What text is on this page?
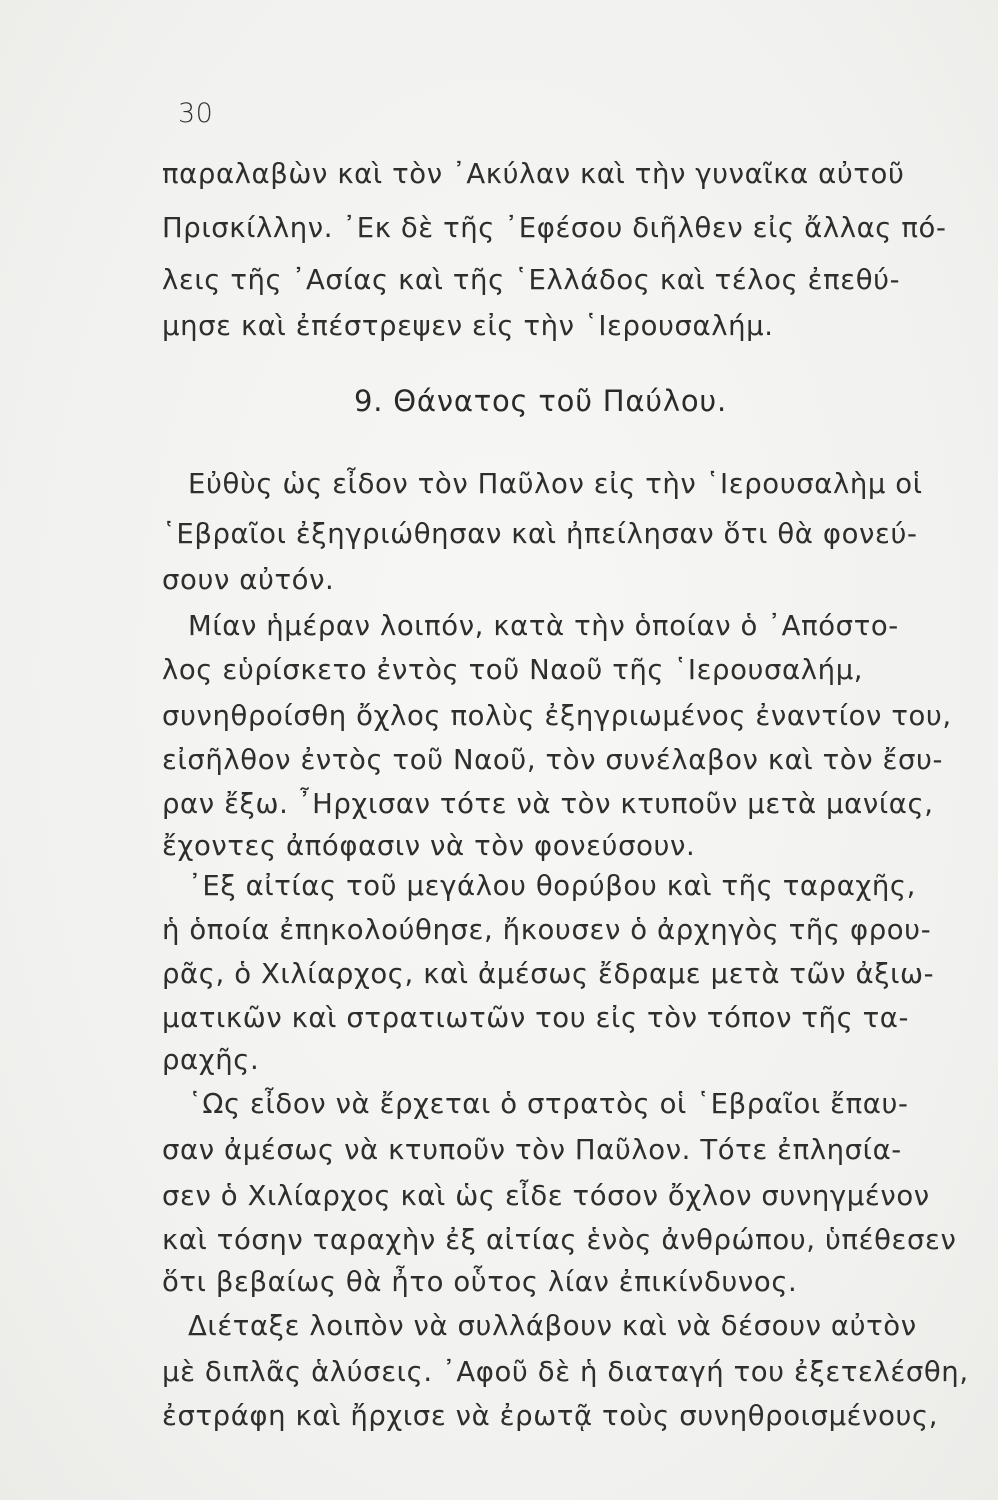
30
παραλαβὼν καὶ τὸν ᾿Ακύλαν καὶ τὴν γυναῖκα αὐτοῦ
Πρισκίλλην. ᾿Εκ δὲ τῆς ᾿Εφέσου διῆλθεν εἰς ἄλλας πό-
λεις τῆς ᾿Ασίας καὶ τῆς ῾Ελλάδος καὶ τέλος ἐπεθύ-
μησε καὶ ἐπέστρεψεν εἰς τὴν ῾Ιερουσαλήμ.
Εὐθὺς ὡς εἶδον τὸν Παῦλον εἰς τὴν ῾Ιερουσαλὴμ οἱ
῾Εβραῖοι ἐξηγριώθησαν καὶ ἠπείλησαν ὅτι θὰ φονεύ-
σουν αὐτόν.
Μίαν ἡμέραν λοιπόν, κατὰ τὴν ὁποίαν ὁ ᾿Απόστο-
λος εὑρίσκετο ἐντὸς τοῦ Ναοῦ τῆς ῾Ιερουσαλήμ,
συνηθροίσθη ὄχλος πολὺς ἐξηγριωμένος ἐναντίον του,
εἰσῆλθον ἐντὸς τοῦ Ναοῦ, τὸν συνέλαβον καὶ τὸν ἔσυ-
ραν ἔξω. ῏Ηρχισαν τότε νὰ τὸν κτυποῦν μετὰ μανίας,
ἔχοντες ἀπόφασιν νὰ τὸν φονεύσουν.
᾿Εξ αἰτίας τοῦ μεγάλου θορύβου καὶ τῆς ταραχῆς,
ἡ ὁποία ἐπηκολούθησε, ἤκουσεν ὁ ἀρχηγὸς τῆς φρου-
ρᾶς, ὁ Χιλίαρχος, καὶ ἀμέσως ἔδραμε μετὰ τῶν ἀξιω-
ματικῶν καὶ στρατιωτῶν του εἰς τὸν τόπον τῆς τα-
ραχῆς.
῾Ως εἶδον νὰ ἔρχεται ὁ στρατὸς οἱ ῾Εβραῖοι ἔπαυ-
σαν ἀμέσως νὰ κτυποῦν τὸν Παῦλον. Τότε ἐπλησία-
σεν ὁ Χιλίαρχος καὶ ὡς εἶδε τόσον ὄχλον συνηγμένον
καὶ τόσην ταραχὴν ἐξ αἰτίας ἑνὸς ἀνθρώπου, ὑπέθεσεν
ὅτι βεβαίως θὰ ἦτο οὗτος λίαν ἐπικίνδυνος.
Διέταξε λοιπὸν νὰ συλλάβουν καὶ νὰ δέσουν αὐτὸν
μὲ διπλᾶς ἁλύσεις. ᾿Αφοῦ δὲ ἡ διαταγή του ἐξετελέσθη,
ἐστράφη καὶ ἤρχισε νὰ ἐρωτᾷ τοὺς συνηθροισμένους,
9. Θάνατος τοῦ Παύλου.
